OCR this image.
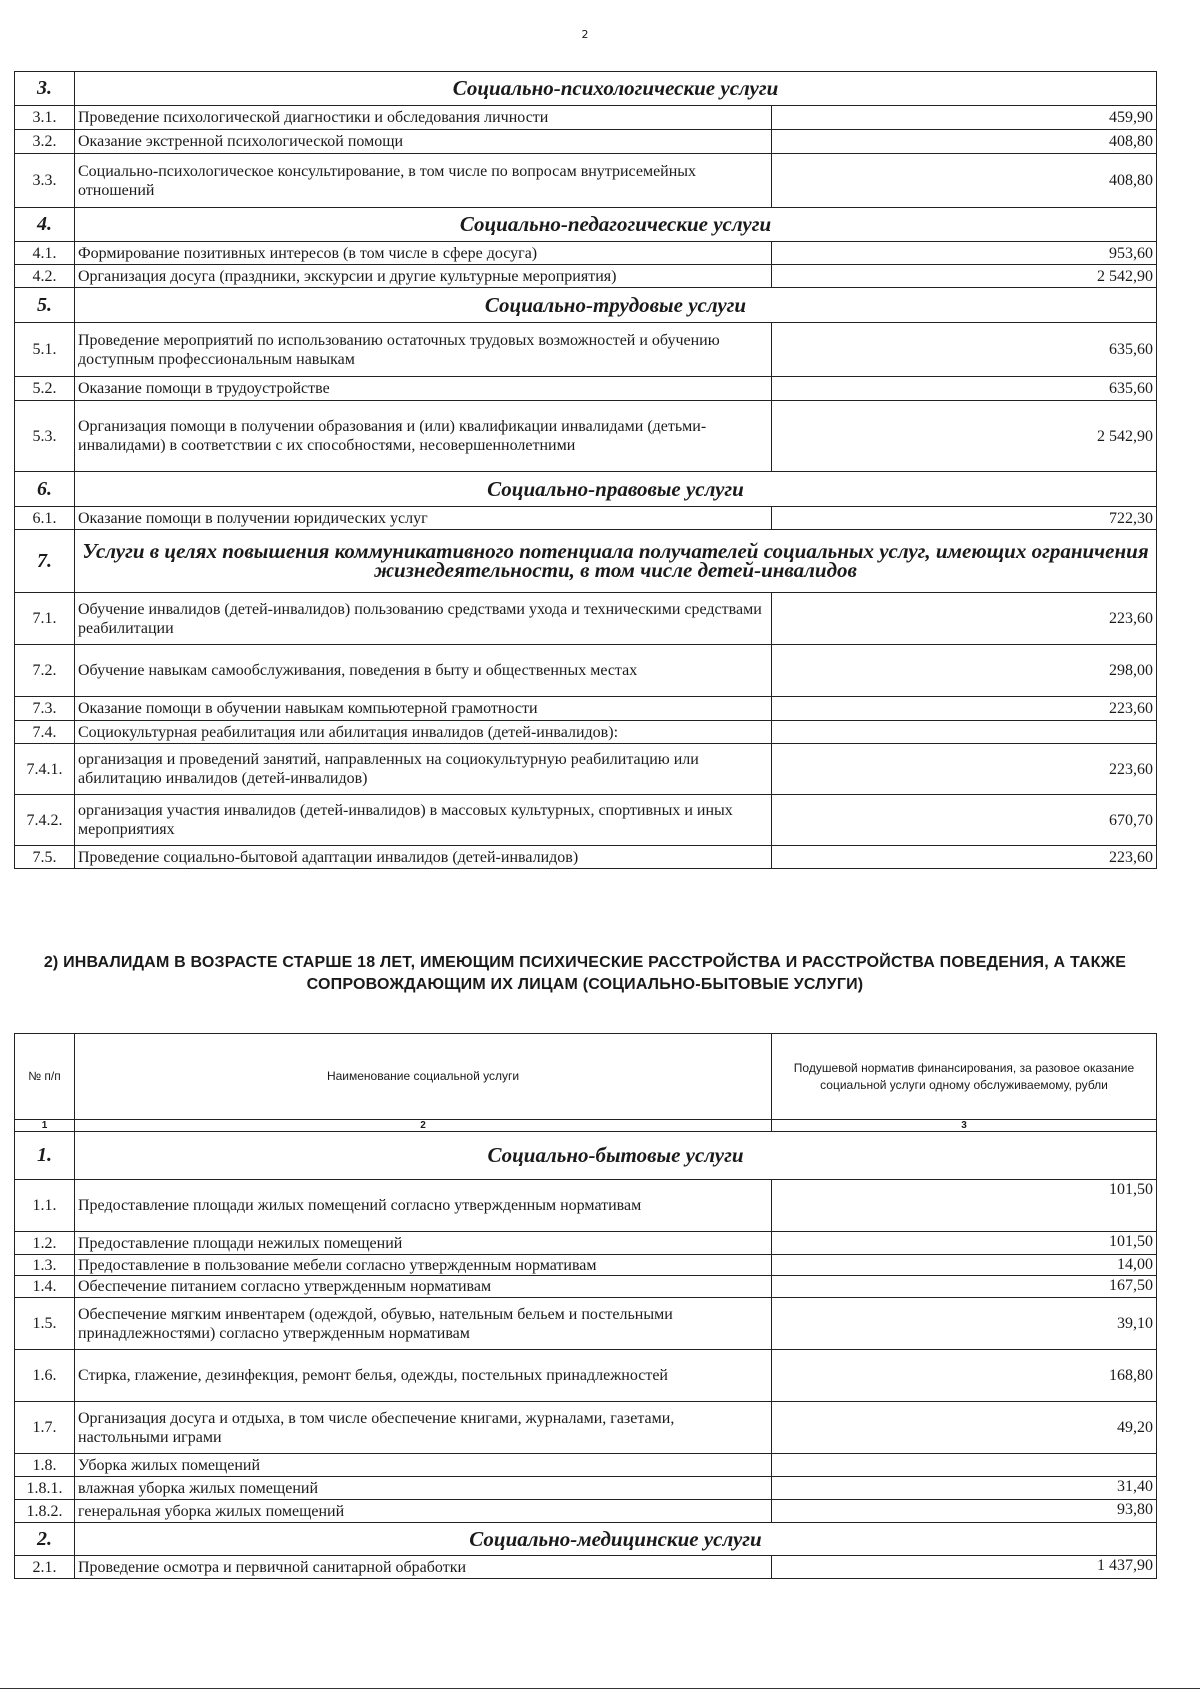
2
3.	Социально-психологические услуги	
3.1.	Проведение психологической диагностики и обследования личности	459,90
3.2.	Оказание экстренной психологической помощи	408,80
3.3.	Социально-психологическое консультирование, в том числе по вопросам внутрисемейных отношений	408,80
4.	Социально-педагогические услуги	
4.1.	Формирование позитивных интересов (в том числе в сфере досуга)	953,60
4.2.	Организация досуга (праздники, экскурсии и другие культурные мероприятия)	2 542,90
5.	Социально-трудовые услуги	
5.1.	Проведение мероприятий по использованию остаточных трудовых возможностей и обучению доступным профессиональным навыкам	635,60
5.2.	Оказание помощи в трудоустройстве	635,60
5.3.	Организация помощи в получении образования и (или) квалификации инвалидами (детьми-инвалидами) в соответствии с их способностями, несовершеннолетними	2 542,90
6.	Социально-правовые услуги	
6.1.	Оказание помощи в получении юридических услуг	722,30
7.	Услуги в целях повышения коммуникативного потенциала получателей социальных услуг, имеющих ограничения жизнедеятельности, в том числе детей-инвалидов	
7.1.	Обучение инвалидов (детей-инвалидов) пользованию средствами ухода и техническими средствами реабилитации	223,60
7.2.	Обучение навыкам самообслуживания, поведения в быту и общественных местах	298,00
7.3.	Оказание помощи в обучении навыкам компьютерной грамотности	223,60
7.4.	Социокультурная реабилитация или абилитация инвалидов (детей-инвалидов):	
7.4.1.	организация и проведений занятий, направленных на социокультурную реабилитацию или абилитацию инвалидов (детей-инвалидов)	223,60
7.4.2.	организация участия инвалидов (детей-инвалидов) в массовых культурных, спортивных и иных мероприятиях	670,70
7.5.	Проведение социально-бытовой адаптации инвалидов (детей-инвалидов)	223,60
2) ИНВАЛИДАМ В ВОЗРАСТЕ СТАРШЕ 18 ЛЕТ, ИМЕЮЩИМ ПСИХИЧЕСКИЕ РАССТРОЙСТВА И РАССТРОЙСТВА ПОВЕДЕНИЯ, А ТАКЖЕ СОПРОВОЖДАЮЩИМ ИХ ЛИЦАМ (СОЦИАЛЬНО-БЫТОВЫЕ УСЛУГИ)
№ п/п	Наименование социальной услуги	Подушевой норматив финансирования, за разовое оказание социальной услуги одному обслуживаемому, рубли
1	2	3
1.	Социально-бытовые услуги	
1.1.	Предоставление площади жилых помещений согласно утвержденным нормативам	101,50
1.2.	Предоставление площади нежилых помещений	101,50
1.3.	Предоставление в пользование мебели согласно утвержденным нормативам	14,00
1.4.	Обеспечение питанием согласно утвержденным нормативам	167,50
1.5.	Обеспечение мягким инвентарем (одеждой, обувью, нательным бельем и постельными принадлежностями) согласно утвержденным нормативам	39,10
1.6.	Стирка, глажение, дезинфекция, ремонт белья, одежды, постельных принадлежностей	168,80
1.7.	Организация досуга и отдыха, в том числе обеспечение книгами, журналами, газетами, настольными играми	49,20
1.8.	Уборка жилых помещений	
1.8.1.	влажная уборка жилых помещений	31,40
1.8.2.	генеральная уборка жилых помещений	93,80
2.	Социально-медицинские услуги	
2.1.	Проведение осмотра и первичной санитарной обработки	1 437,90
